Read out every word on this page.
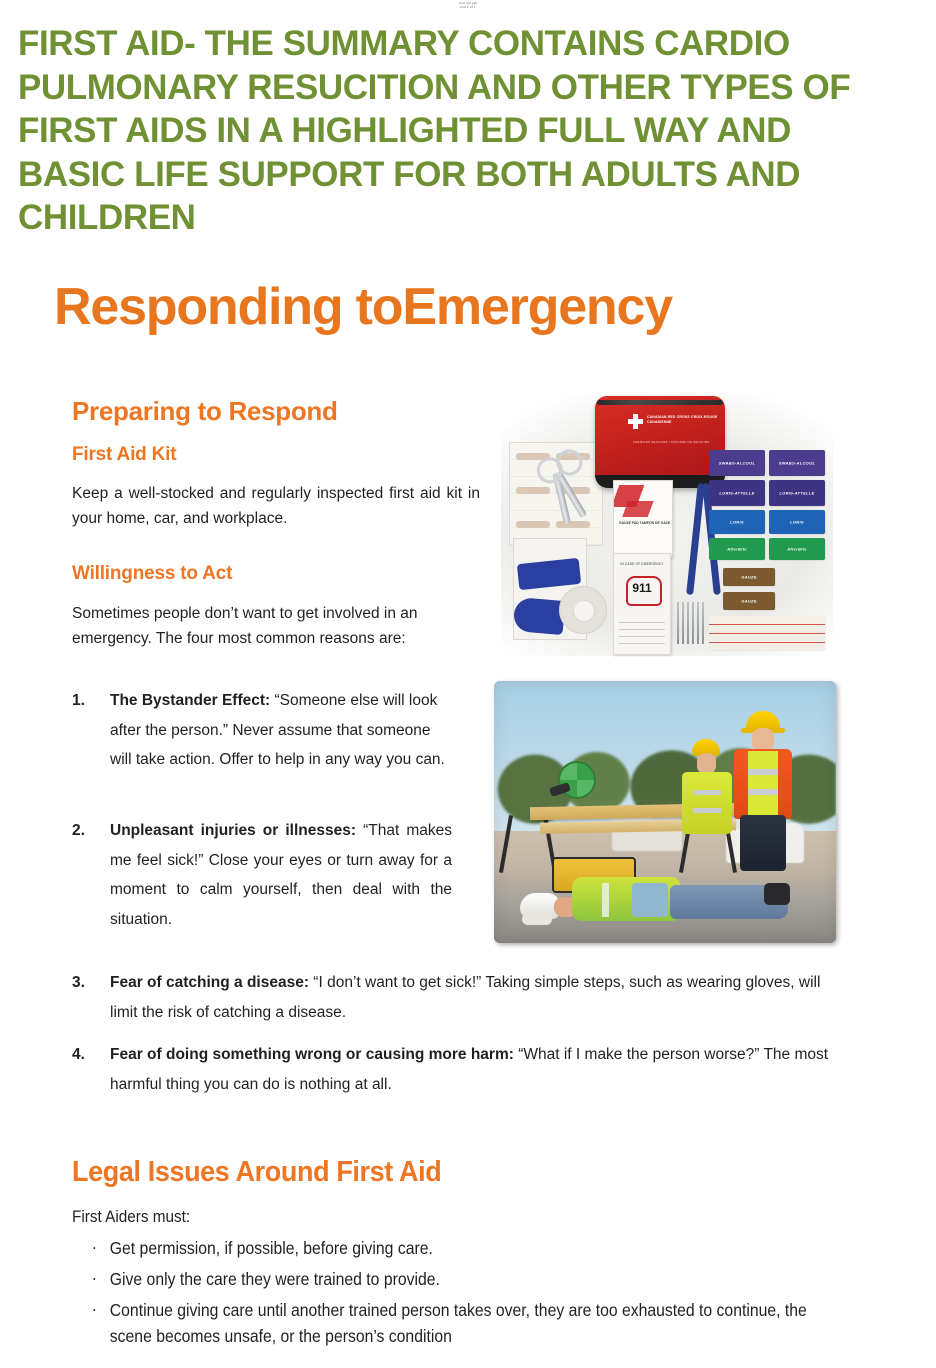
first aid.pdf
Full 1 of 1
FIRST AID- THE SUMMARY CONTAINS CARDIO PULMONARY RESUCITION AND OTHER TYPES OF FIRST AIDS IN A HIGHLIGHTED FULL WAY AND BASIC LIFE SUPPORT FOR BOTH ADULTS AND CHILDREN
Responding toEmergency
Preparing to Respond
First Aid Kit
Keep a well-stocked and regularly inspected first aid kit in your home, car, and workplace.
Willingness to Act
Sometimes people don’t want to get involved in an emergency. The four most common reasons are:
1.	The Bystander Effect: “Someone else will look after the person.” Never assume that someone will take action. Offer to help in any way you can.
2.	Unpleasant injuries or illnesses: “That makes me feel sick!” Close your eyes or turn away for a moment to calm yourself, then deal with the situation.
3.	Fear of catching a disease: “I don’t want to get sick!” Taking simple steps, such as wearing gloves, will limit the risk of catching a disease.
4.	Fear of doing something wrong or causing more harm: “What if I make the person worse?” The most harmful thing you can do is nothing at all.
Legal Issues Around First Aid
First Aiders must:
· Get permission, if possible, before giving care.
· Give only the care they were trained to provide.
· Continue giving care until another trained person takes over, they are too exhausted to continue, the scene becomes unsafe, or the person’s condition
CANADIAN RED CROSS CROIX-ROUGE CANADIENNE
PREMIERS SECOURS / TROUSSE DE SECOURS
GAUZE PAD TAMPON DE GAZE
IN CASE OF EMERGENCY
911
SWABS-ALCOOL	SWABS-ALCOOL
LORIS-ATTELLE	LORIS-ATTELLE
LORIS	LORIS
AfterBite	AfterBite
GAUZE
GAUZE
